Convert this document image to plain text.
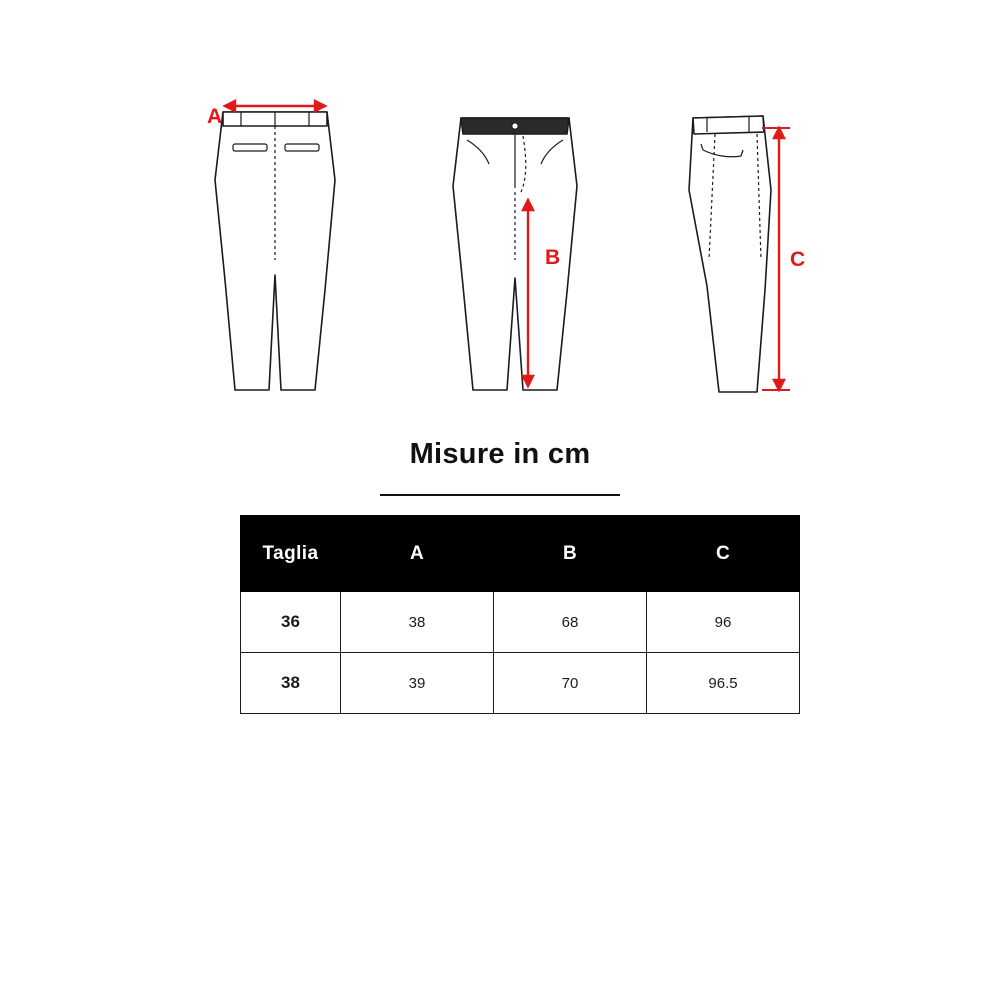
A
B	C
Misure in cm
Taglia	A	B	C
36	38	68	96
38	39	70	96.5
